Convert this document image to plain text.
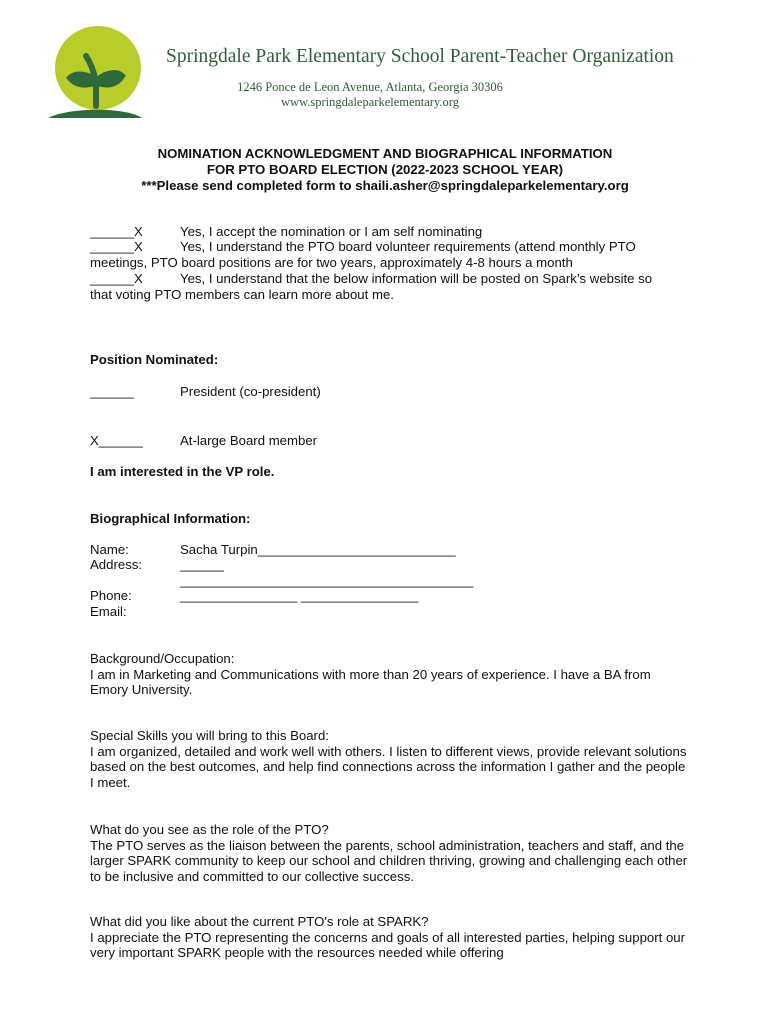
Springdale Park Elementary School Parent-Teacher Organization
1246 Ponce de Leon Avenue, Atlanta, Georgia 30306
www.springdaleparkelementary.org
NOMINATION ACKNOWLEDGMENT AND BIOGRAPHICAL INFORMATION
FOR PTO BOARD ELECTION (2022-2023 SCHOOL YEAR)
***Please send completed form to shaili.asher@springdaleparkelementary.org
______X	Yes, I accept the nomination or I am self nominating
______X	Yes, I understand the PTO board volunteer requirements (attend monthly PTO
meetings, PTO board positions are for two years, approximately 4-8 hours a month
______X	Yes, I understand that the below information will be posted on Spark’s website so
that voting PTO members can learn more about me.
Position Nominated:
______	President (co-president)
X______	At-large Board member
I am interested in the VP role.
Biographical Information:
Name:	Sacha Turpin___________________________
Address:	______
________________________________________
Phone:	________________ ________________
Email:
Background/Occupation:
I am in Marketing and Communications with more than 20 years of experience. I have a BA from Emory University.
Special Skills you will bring to this Board:
I am organized, detailed and work well with others. I listen to different views, provide relevant solutions based on the best outcomes, and help find connections across the information I gather and the people I meet.
What do you see as the role of the PTO?
The PTO serves as the liaison between the parents, school administration, teachers and staff, and the larger SPARK community to keep our school and children thriving, growing and challenging each other to be inclusive and committed to our collective success.
What did you like about the current PTO's role at SPARK?
I appreciate the PTO representing the concerns and goals of all interested parties, helping support our very important SPARK people with the resources needed while offering
